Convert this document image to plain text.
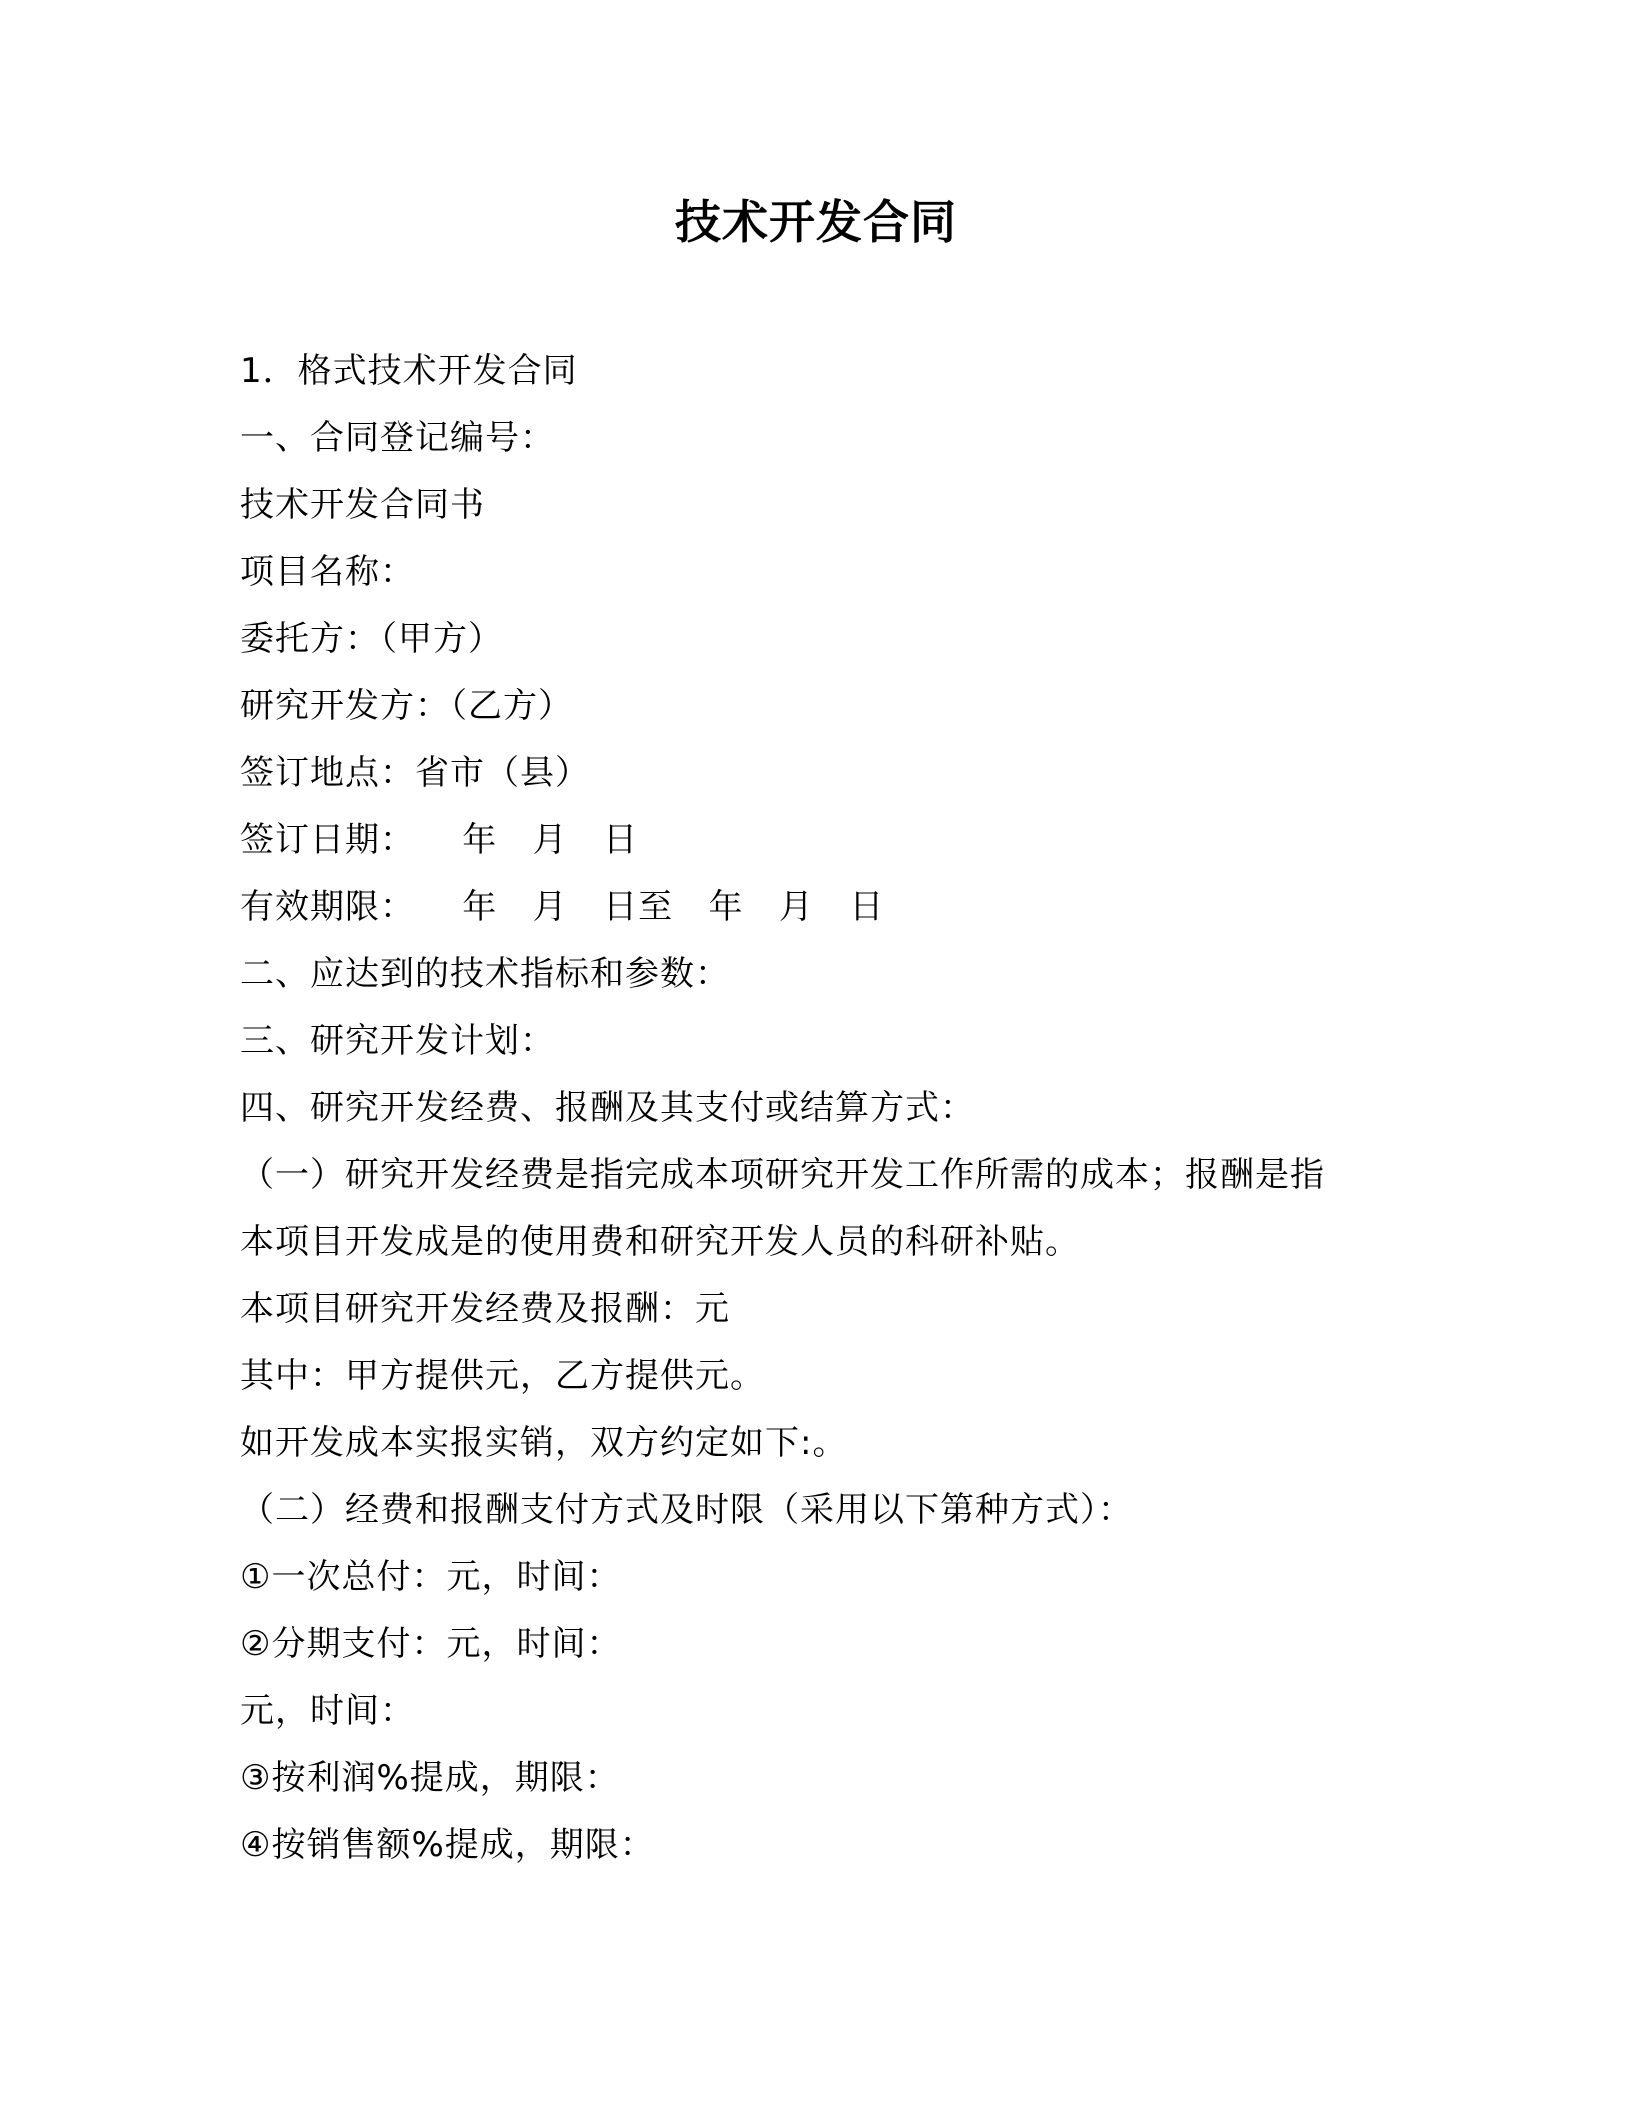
技术开发合同
1．格式技术开发合同
一、合同登记编号：
技术开发合同书
项目名称：
委托方：（甲方）
研究开发方：（乙方）
签订地点：省市（县）
签订日期：    年   月   日
有效期限：    年   月   日至   年   月   日
二、应达到的技术指标和参数：
三、研究开发计划：
四、研究开发经费、报酬及其支付或结算方式：
（一）研究开发经费是指完成本项研究开发工作所需的成本；报酬是指
本项目开发成是的使用费和研究开发人员的科研补贴。
本项目研究开发经费及报酬：元
其中：甲方提供元，乙方提供元。
如开发成本实报实销，双方约定如下:。
（二）经费和报酬支付方式及时限（采用以下第种方式）：
①一次总付：元，时间：
②分期支付：元，时间：
元，时间：
③按利润%提成，期限：
④按销售额%提成，期限：
